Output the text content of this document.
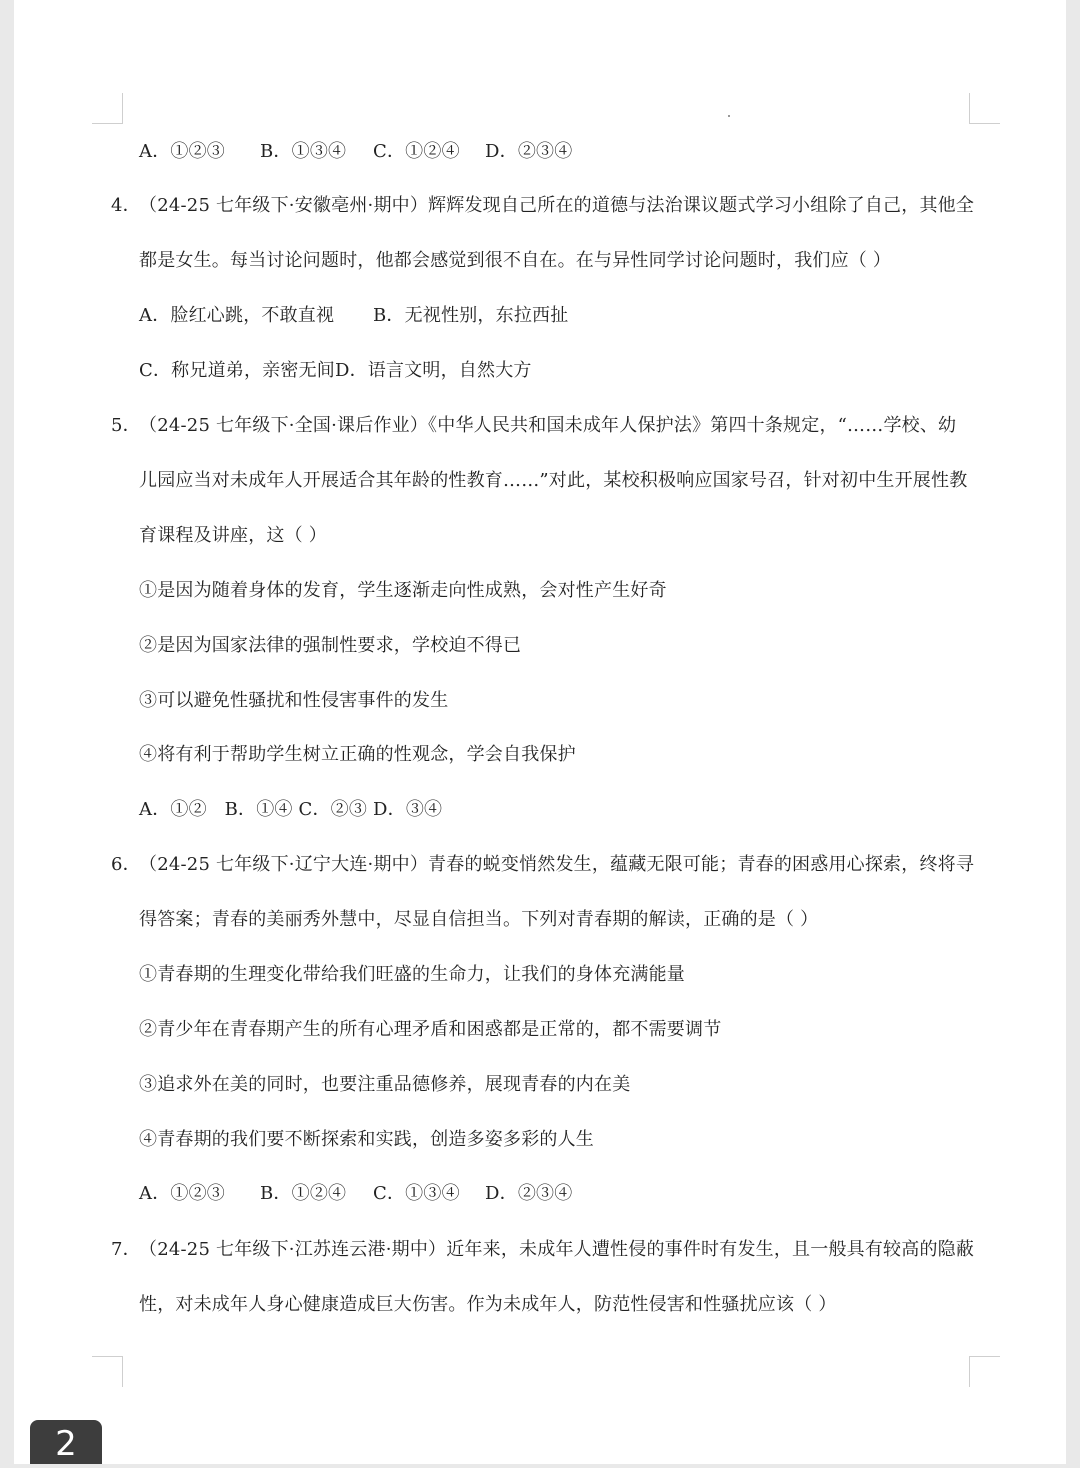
A．①②③ B．①③④ C．①②④ D．②③④
4．（24-25 七年级下·安徽亳州·期中）辉辉发现自己所在的道德与法治课议题式学习小组除了自己，其他全
都是女生。每当讨论问题时，他都会感觉到很不自在。在与异性同学讨论问题时，我们应（ ）
A．脸红心跳，不敢直视 B．无视性别，东拉西扯
C．称兄道弟，亲密无间D．语言文明，自然大方
5．（24-25 七年级下·全国·课后作业）《中华人民共和国未成年人保护法》第四十条规定，“……学校、幼
儿园应当对未成年人开展适合其年龄的性教育……”对此，某校积极响应国家号召，针对初中生开展性教
育课程及讲座，这（ ）
①是因为随着身体的发育，学生逐渐走向性成熟，会对性产生好奇
②是因为国家法律的强制性要求，学校迫不得已
③可以避免性骚扰和性侵害事件的发生
④将有利于帮助学生树立正确的性观念，学会自我保护
A．①②   B．①④ C．②③ D．③④
6．（24-25 七年级下·辽宁大连·期中）青春的蜕变悄然发生，蕴藏无限可能；青春的困惑用心探索，终将寻
得答案；青春的美丽秀外慧中，尽显自信担当。下列对青春期的解读，正确的是（ ）
①青春期的生理变化带给我们旺盛的生命力，让我们的身体充满能量
②青少年在青春期产生的所有心理矛盾和困惑都是正常的，都不需要调节
③追求外在美的同时，也要注重品德修养，展现青春的内在美
④青春期的我们要不断探索和实践，创造多姿多彩的人生
A．①②③ B．①②④ C．①③④ D．②③④
7．（24-25 七年级下·江苏连云港·期中）近年来，未成年人遭性侵的事件时有发生，且一般具有较高的隐蔽
性，对未成年人身心健康造成巨大伤害。作为未成年人，防范性侵害和性骚扰应该（ ）
2
